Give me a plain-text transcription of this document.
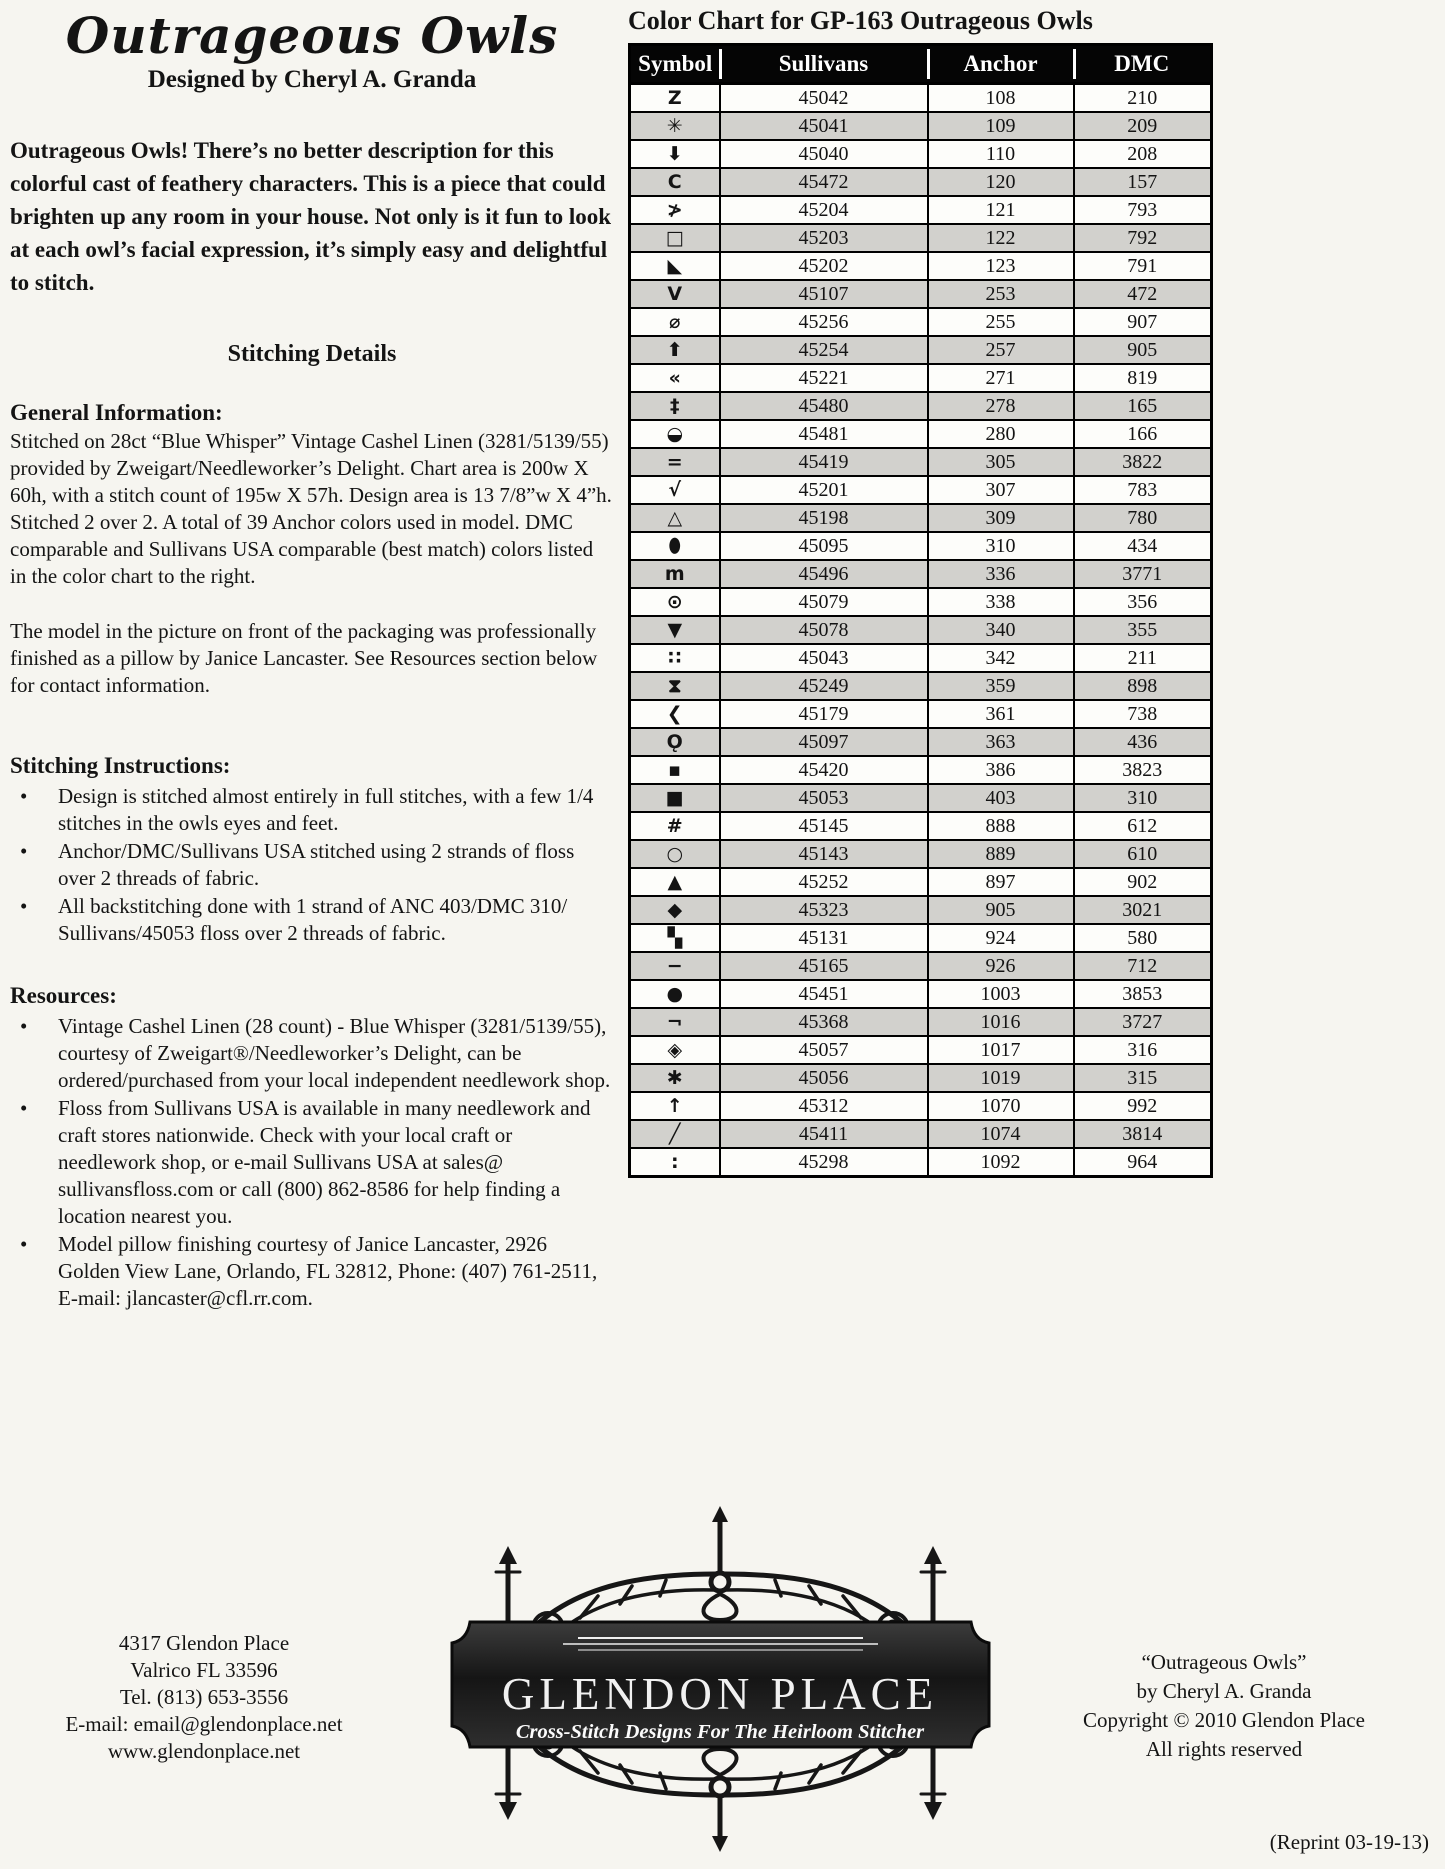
Outrageous Owls
Designed by Cheryl A. Granda

Outrageous Owls! There’s no better description for this colorful cast of feathery characters. This is a piece that could brighten up any room in your house. Not only is it fun to look at each owl’s facial expression, it’s simply easy and delightful to stitch.

Stitching Details
General Information:

Stitched on 28ct “Blue Whisper” Vintage Cashel Linen (3281/5139/55) provided by Zweigart/Needleworker’s Delight. Chart area is 200w X 60h, with a stitch count of 195w X 57h. Design area is 13 7/8”w X 4”h. Stitched 2 over 2. A total of 39 Anchor colors used in model. DMC comparable and Sullivans USA comparable (best match) colors listed in the color chart to the right.

The model in the picture on front of the packaging was professionally finished as a pillow by Janice Lancaster. See Resources section below for contact information.

Stitching Instructions:
• Design is stitched almost entirely in full stitches, with a few 1/4 stitches in the owls eyes and feet.
• Anchor/DMC/Sullivans USA stitched using 2 strands of floss over 2 threads of fabric.
• All backstitching done with 1 strand of ANC 403/DMC 310/ Sullivans/45053 floss over 2 threads of fabric.
Resources:
• Vintage Cashel Linen (28 count) - Blue Whisper (3281/5139/55), courtesy of Zweigart®/Needleworker’s Delight, can be ordered/purchased from your local independent needlework shop.
• Floss from Sullivans USA is available in many needlework and craft stores nationwide. Check with your local craft or needlework shop, or e-mail Sullivans USA at sales@ sullivansfloss.com or call (800) 862-8586 for help finding a location nearest you.
• Model pillow finishing courtesy of Janice Lancaster, 2926 Golden View Lane, Orlando, FL 32812, Phone: (407) 761-2511, E-mail: jlancaster@cfl.rr.com.
Color Chart for GP-163 Outrageous Owls
Symbol	Sullivans	Anchor	DMC
Z	45042	108	210
✳	45041	109	209
⬇	45040	110	208
C	45472	120	157
≯	45204	121	793
□	45203	122	792
◣	45202	123	791
V	45107	253	472
⌀	45256	255	907
⬆	45254	257	905
«	45221	271	819
‡	45480	278	165
◒	45481	280	166
=	45419	305	3822
√	45201	307	783
△	45198	309	780
⬮	45095	310	434
m	45496	336	3771
⊙	45079	338	356
▼	45078	340	355
∷	45043	342	211
⧗	45249	359	898
❮	45179	361	738
Ǫ	45097	363	436
▪	45420	386	3823
■	45053	403	310
#	45145	888	612
○	45143	889	610
▲	45252	897	902
◆	45323	905	3021
▚	45131	924	580
−	45165	926	712
●	45451	1003	3853
¬	45368	1016	3727
◈	45057	1017	316
✱	45056	1019	315
↑	45312	1070	992
╱	45411	1074	3814
:	45298	1092	964
4317 Glendon Place
Valrico FL 33596
Tel. (813) 653-3556
E-mail: email@glendonplace.net
www.glendonplace.net
GLENDON PLACE
Cross-Stitch Designs For The Heirloom Stitcher
“Outrageous Owls”
by Cheryl A. Granda
Copyright © 2010 Glendon Place
All rights reserved
(Reprint 03-19-13)
